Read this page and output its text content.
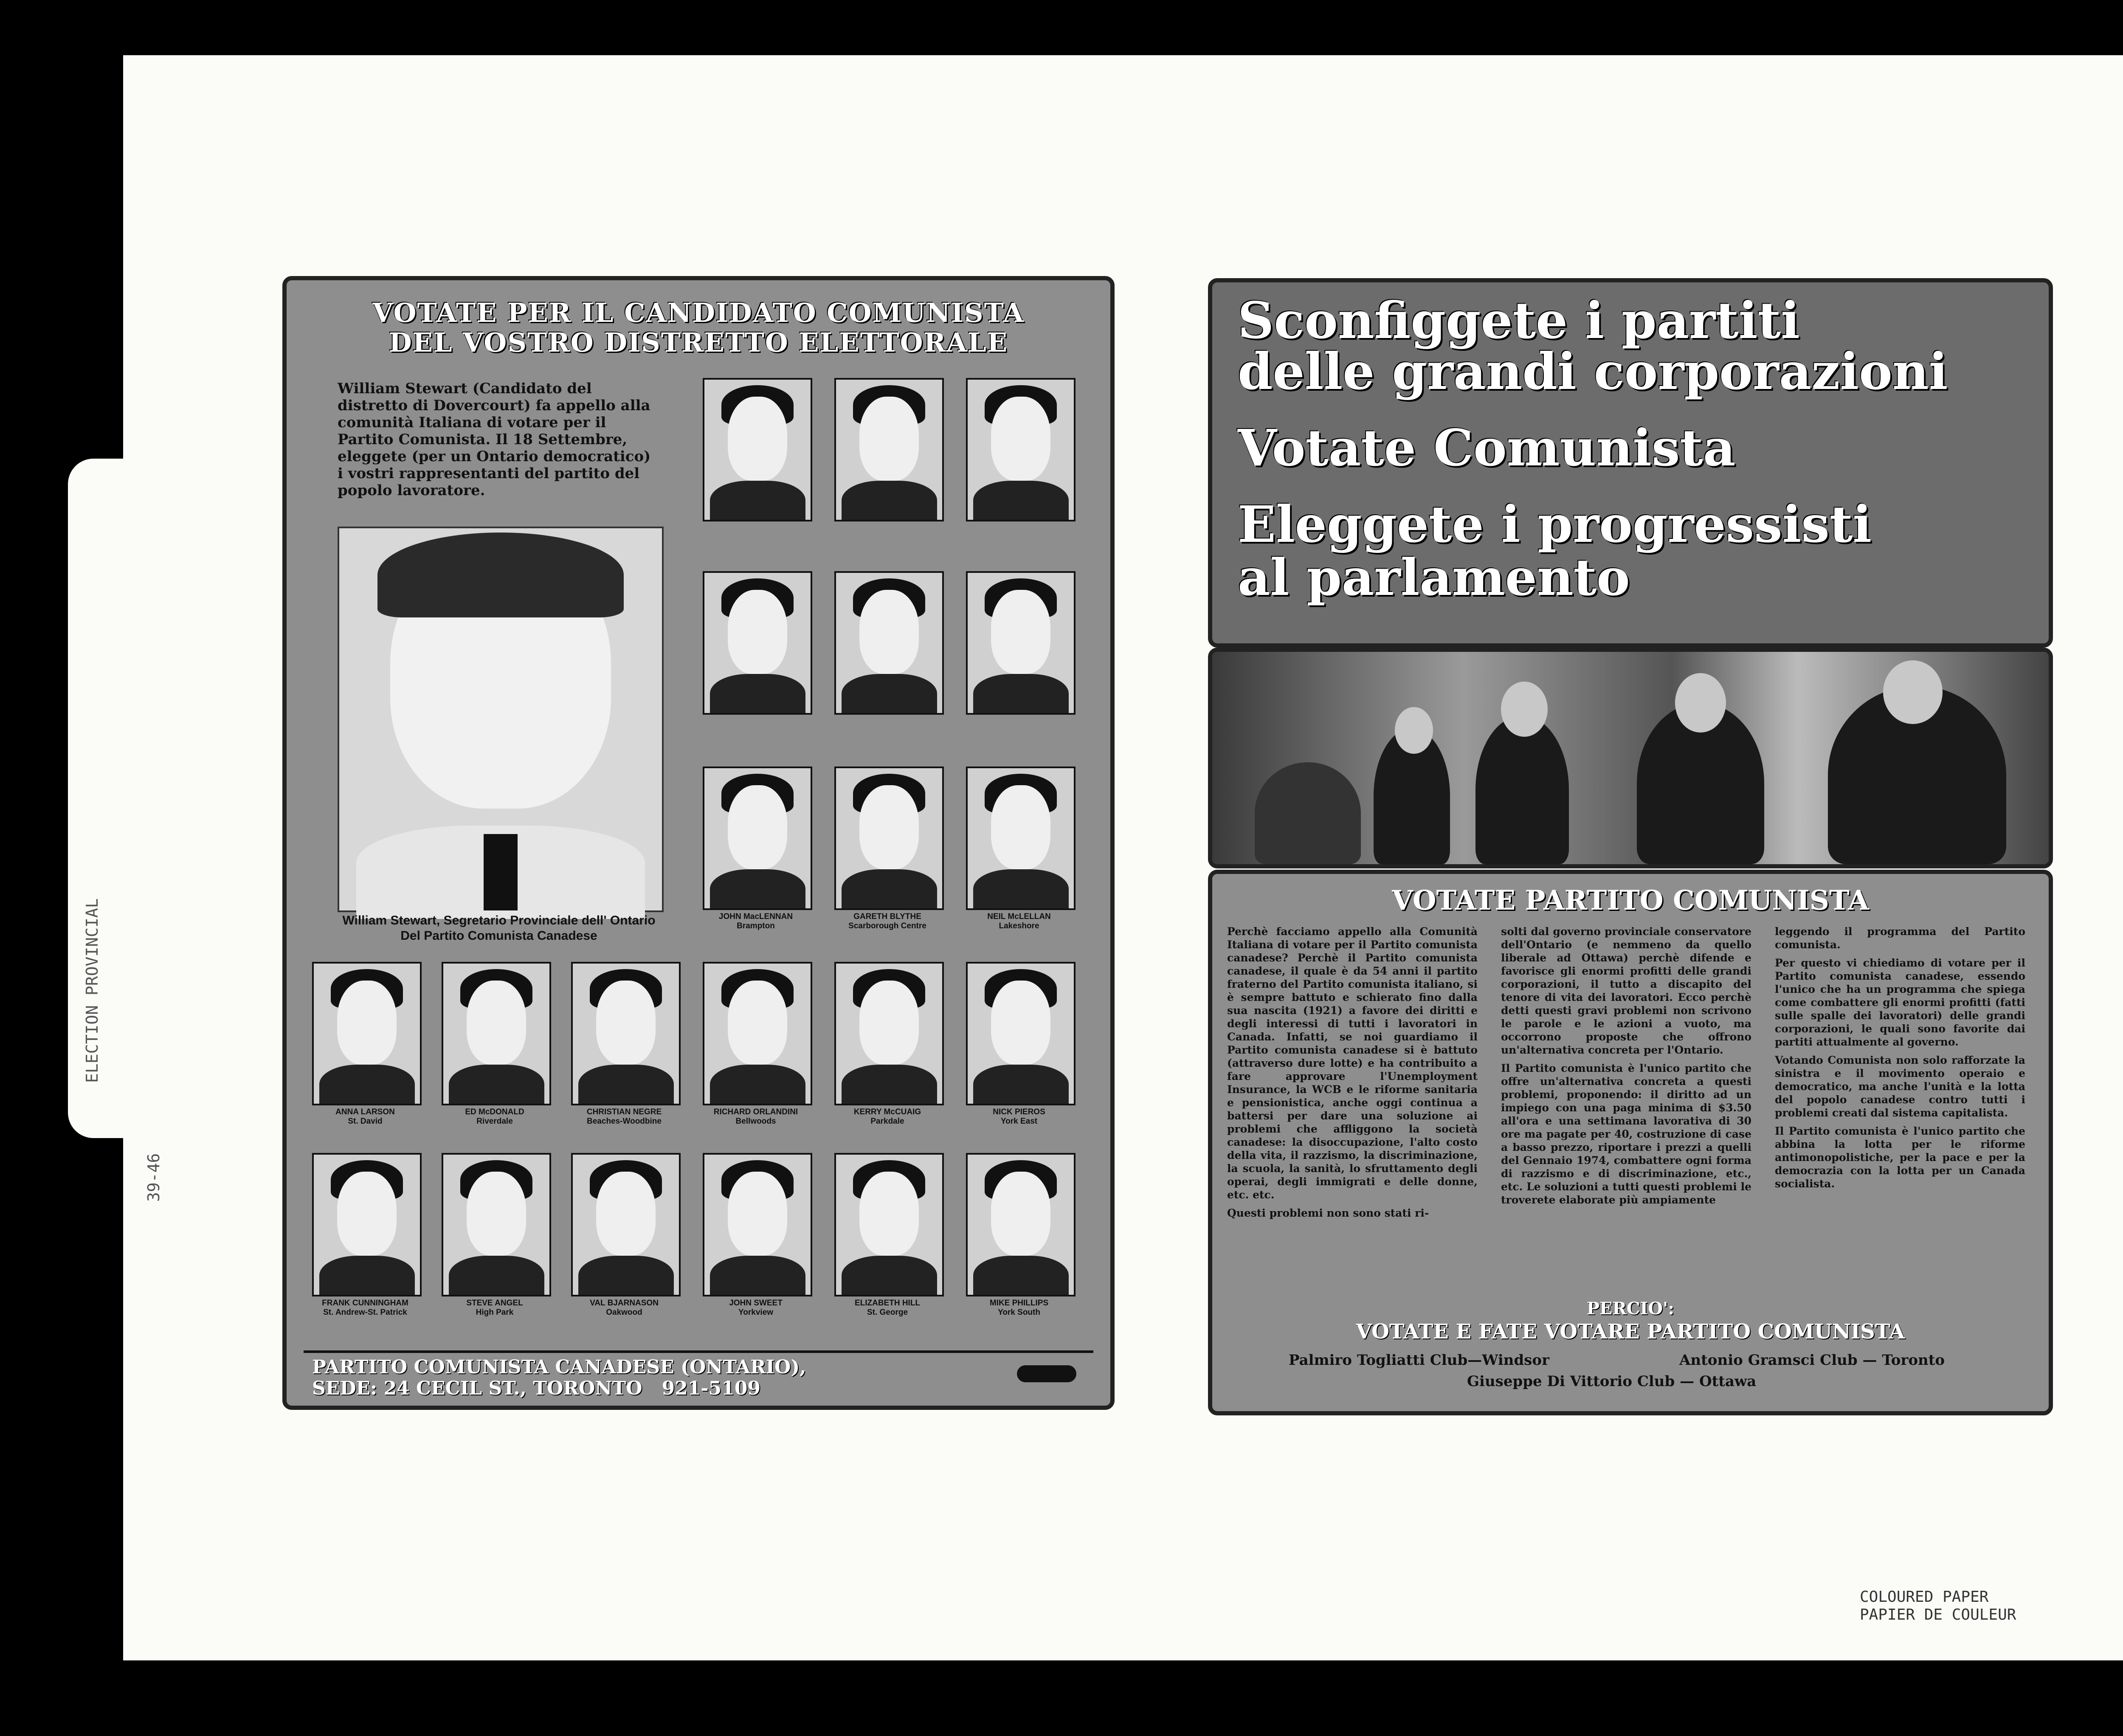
ELECTION PROVINCIAL
39-46
VOTATE PER IL CANDIDATO COMUNISTA
DEL VOSTRO DISTRETTO ELETTORALE
William Stewart (Candidato del distretto di Dovercourt) fa appello alla comunità Italiana di votare per il Partito Comunista. Il 18 Settembre, eleggete (per un Ontario democratico) i vostri rappresentanti del partito del popolo lavoratore.
William Stewart, Segretario Provinciale dell' Ontario Del Partito Comunista Canadese
JOHN MacLENNAN
Brampton
GARETH BLYTHE
Scarborough Centre
NEIL McLELLAN
Lakeshore
ANNA LARSON
St. David
ED McDONALD
Riverdale
CHRISTIAN NEGRE
Beaches-Woodbine
RICHARD ORLANDINI
Bellwoods
KERRY McCUAIG
Parkdale
NICK PIEROS
York East
FRANK CUNNINGHAM
St. Andrew-St. Patrick
STEVE ANGEL
High Park
VAL BJARNASON
Oakwood
JOHN SWEET
Yorkview
ELIZABETH HILL
St. George
MIKE PHILLIPS
York South
PARTITO COMUNISTA CANADESE (ONTARIO),
SEDE: 24 CECIL ST., TORONTO 921-5109
Sconfiggete i partiti
delle grandi corporazioni
Votate Comunista
Eleggete i progressisti
al parlamento
VOTATE PARTITO COMUNISTA

Perchè facciamo appello alla Comunità Italiana di votare per il Partito comunista canadese? Perchè il Partito comunista canadese, il quale è da 54 anni il partito fraterno del Partito comunista italiano, si è sempre battuto e schierato fino dalla sua nascita (1921) a favore dei diritti e degli interessi di tutti i lavoratori in Canada. Infatti, se noi guardiamo il Partito comunista canadese si è battuto (attraverso dure lotte) e ha contribuito a fare approvare l'Unemployment Insurance, la WCB e le riforme sanitaria e pensionistica, anche oggi continua a battersi per dare una soluzione ai problemi che affliggono la società canadese: la disoccupazione, l'alto costo della vita, il razzismo, la discriminazione, la scuola, la sanità, lo sfruttamento degli operai, degli immigrati e delle donne, etc. etc.

Questi problemi non sono stati ri-

solti dal governo provinciale conservatore dell'Ontario (e nemmeno da quello liberale ad Ottawa) perchè difende e favorisce gli enormi profitti delle grandi corporazioni, il tutto a discapito del tenore di vita dei lavoratori. Ecco perchè detti questi gravi problemi non scrivono le parole e le azioni a vuoto, ma occorrono proposte che offrono un'alternativa concreta per l'Ontario.

Il Partito comunista è l'unico partito che offre un'alternativa concreta a questi problemi, proponendo: il diritto ad un impiego con una paga minima di $3.50 all'ora e una settimana lavorativa di 30 ore ma pagate per 40, costruzione di case a basso prezzo, riportare i prezzi a quelli del Gennaio 1974, combattere ogni forma di razzismo e di discriminazione, etc., etc. Le soluzioni a tutti questi problemi le troverete elaborate più ampiamente

leggendo il programma del Partito comunista.

Per questo vi chiediamo di votare per il Partito comunista canadese, essendo l'unico che ha un programma che spiega come combattere gli enormi profitti (fatti sulle spalle dei lavoratori) delle grandi corporazioni, le quali sono favorite dai partiti attualmente al governo.

Votando Comunista non solo rafforzate la sinistra e il movimento operaio e democratico, ma anche l'unità e la lotta del popolo canadese contro tutti i problemi creati dal sistema capitalista.

Il Partito comunista è l'unico partito che abbina la lotta per le riforme antimonopolistiche, per la pace e per la democrazia con la lotta per un Canada socialista.

PERCIO':
VOTATE E FATE VOTARE PARTITO COMUNISTA
Palmiro Togliatti Club—Windsor	Antonio Gramsci Club — Toronto
Giuseppe Di Vittorio Club — Ottawa
COLOURED PAPER
PAPIER DE COULEUR
